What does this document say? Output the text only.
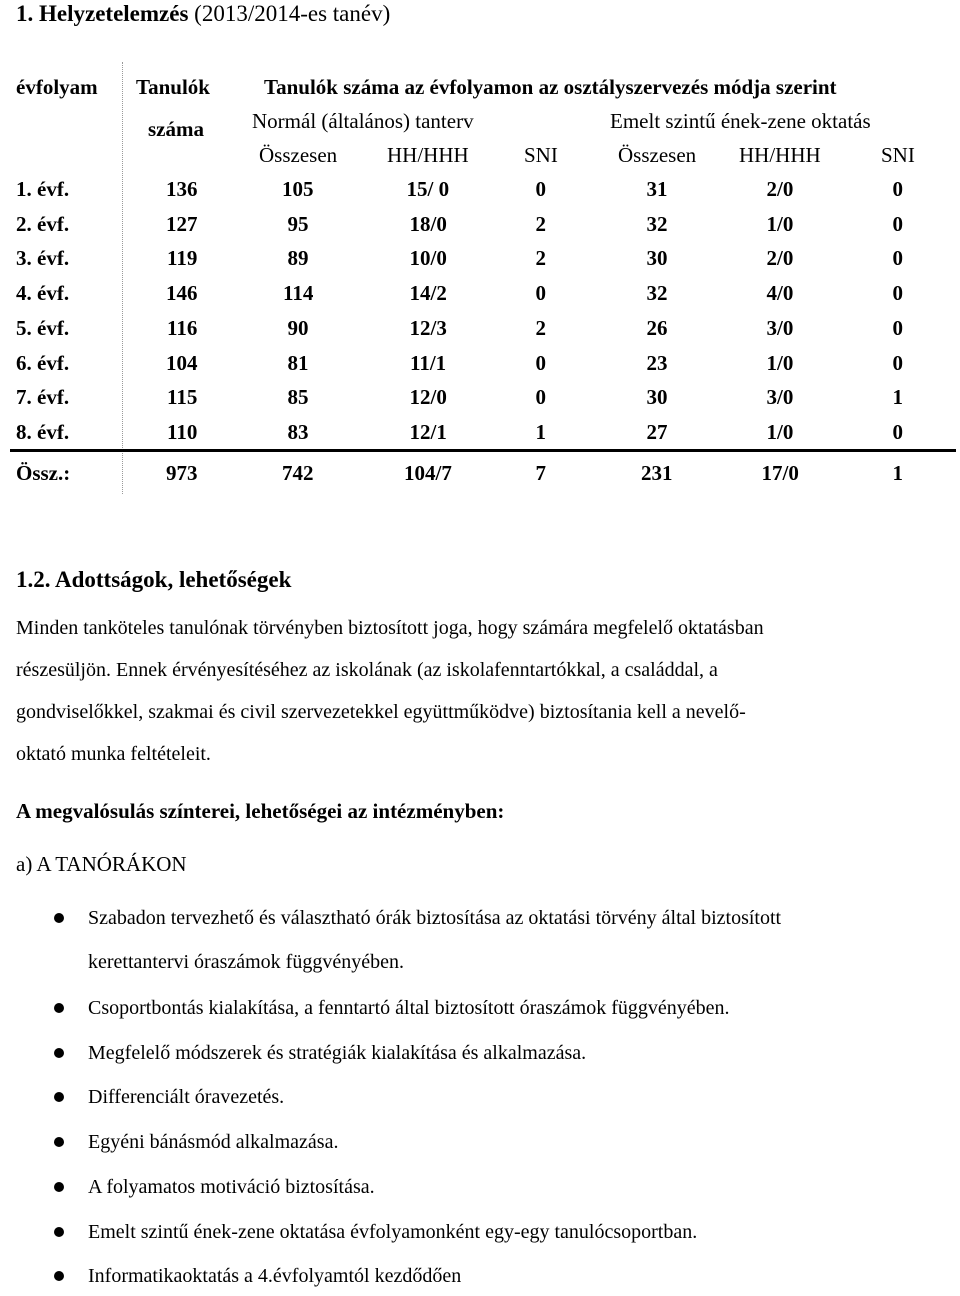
1. Helyzetelemzés (2013/2014-es tanév)
évfolyam Tanulók
száma
Tanulók száma az évfolyamon az osztályszervezés módja szerint
Normál (általános) tanterv	Emelt szintű ének-zene oktatás
Összesen HH/HHH	SNI	Összesen HH/HHH	SNI
1. évf.	136	105	15/ 0	0	31	2/0	0
2. évf.	127	95	18/0	2	32	1/0	0
3. évf.	119	89	10/0	2	30	2/0	0
4. évf.	146	114	14/2	0	32	4/0	0
5. évf.	116	90	12/3	2	26	3/0	0
6. évf.	104	81	11/1	0	23	1/0	0
7. évf.	115	85	12/0	0	30	3/0	1
8. évf.	110	83	12/1	1	27	1/0	0
Össz.:	973	742	104/7	7	231	17/0	1
1.2. Adottságok, lehetőségek
Minden tanköteles tanulónak törvényben biztosított joga, hogy számára megfelelő oktatásban
részesüljön. Ennek érvényesítéséhez az iskolának (az iskolafenntartókkal, a családdal, a
gondviselőkkel, szakmai és civil szervezetekkel együttműködve) biztosítania kell a nevelő-
oktató munka feltételeit.
A megvalósulás színterei, lehetőségei az intézményben:
a) A TANÓRÁKON
Szabadon tervezhető és választható órák biztosítása az oktatási törvény által biztosított
kerettantervi óraszámok függvényében.
Csoportbontás kialakítása, a fenntartó által biztosított óraszámok függvényében.
Megfelelő módszerek és stratégiák kialakítása és alkalmazása.
Differenciált óravezetés.
Egyéni bánásmód alkalmazása.
A folyamatos motiváció biztosítása.
Emelt szintű ének-zene oktatása évfolyamonként egy-egy tanulócsoportban.
Informatikaoktatás a 4.évfolyamtól kezdődően
